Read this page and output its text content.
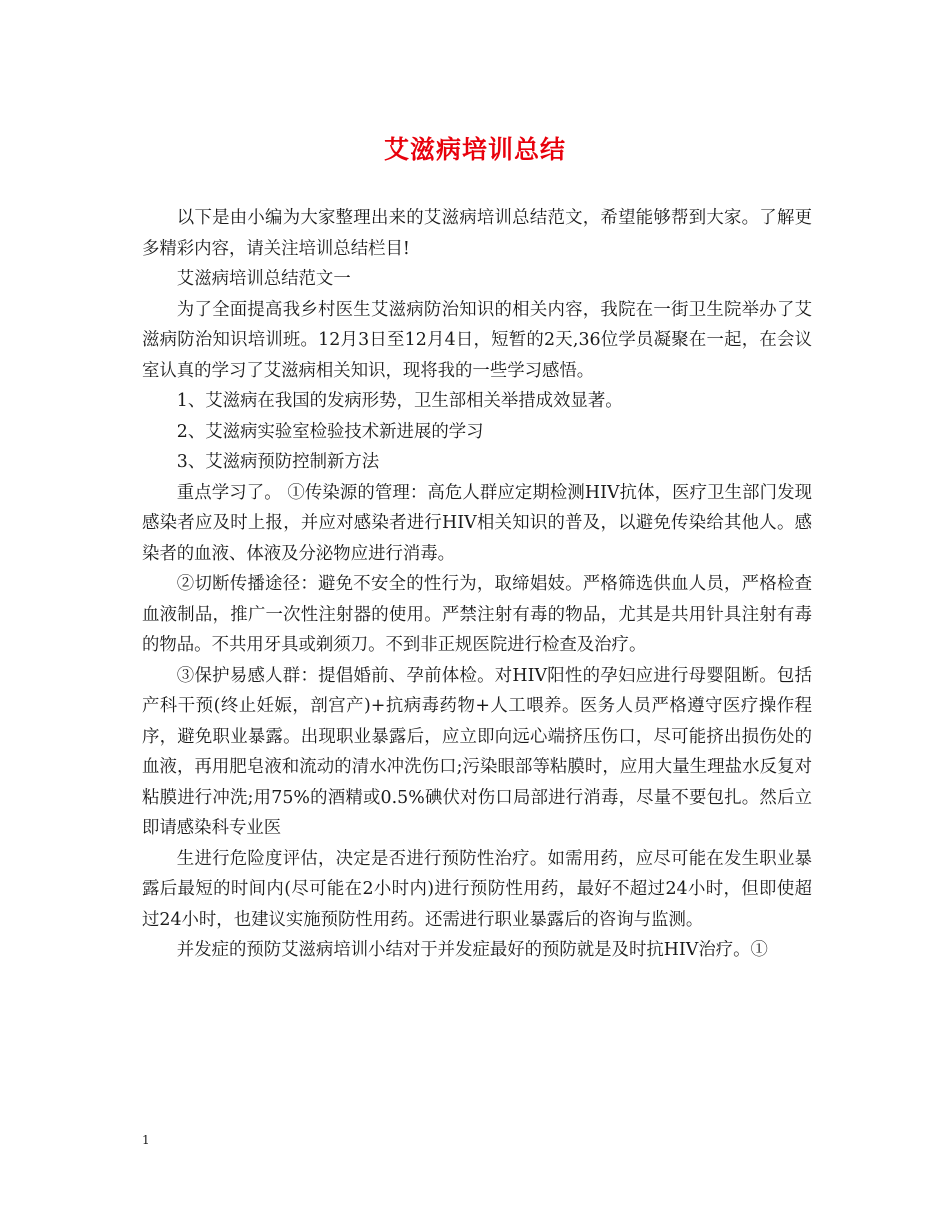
艾滋病培训总结

以下是由小编为大家整理出来的艾滋病培训总结范文，希望能够帮到大家。了解更多精彩内容，请关注培训总结栏目!

艾滋病培训总结范文一

为了全面提高我乡村医生艾滋病防治知识的相关内容，我院在一街卫生院举办了艾滋病防治知识培训班。12月3日至12月4日，短暂的2天,36位学员凝聚在一起，在会议室认真的学习了艾滋病相关知识，现将我的一些学习感悟。

1、艾滋病在我国的发病形势，卫生部相关举措成效显著。

2、艾滋病实验室检验技术新进展的学习

3、艾滋病预防控制新方法

重点学习了。 ①传染源的管理：高危人群应定期检测HIV抗体，医疗卫生部门发现感染者应及时上报，并应对感染者进行HIV相关知识的普及，以避免传染给其他人。感染者的血液、体液及分泌物应进行消毒。

②切断传播途径：避免不安全的性行为，取缔娼妓。严格筛选供血人员，严格检查血液制品，推广一次性注射器的使用。严禁注射有毒的物品，尤其是共用针具注射有毒的物品。不共用牙具或剃须刀。不到非正规医院进行检查及治疗。

③保护易感人群：提倡婚前、孕前体检。对HIV阳性的孕妇应进行母婴阻断。包括产科干预(终止妊娠，剖宫产)+抗病毒药物+人工喂养。医务人员严格遵守医疗操作程序，避免职业暴露。出现职业暴露后，应立即向远心端挤压伤口，尽可能挤出损伤处的血液，再用肥皂液和流动的清水冲洗伤口;污染眼部等粘膜时，应用大量生理盐水反复对粘膜进行冲洗;用75%的酒精或0.5%碘伏对伤口局部进行消毒，尽量不要包扎。然后立即请感染科专业医

生进行危险度评估，决定是否进行预防性治疗。如需用药，应尽可能在发生职业暴露后最短的时间内(尽可能在2小时内)进行预防性用药，最好不超过24小时，但即使超过24小时，也建议实施预防性用药。还需进行职业暴露后的咨询与监测。

并发症的预防艾滋病培训小结对于并发症最好的预防就是及时抗HIV治疗。①

1
